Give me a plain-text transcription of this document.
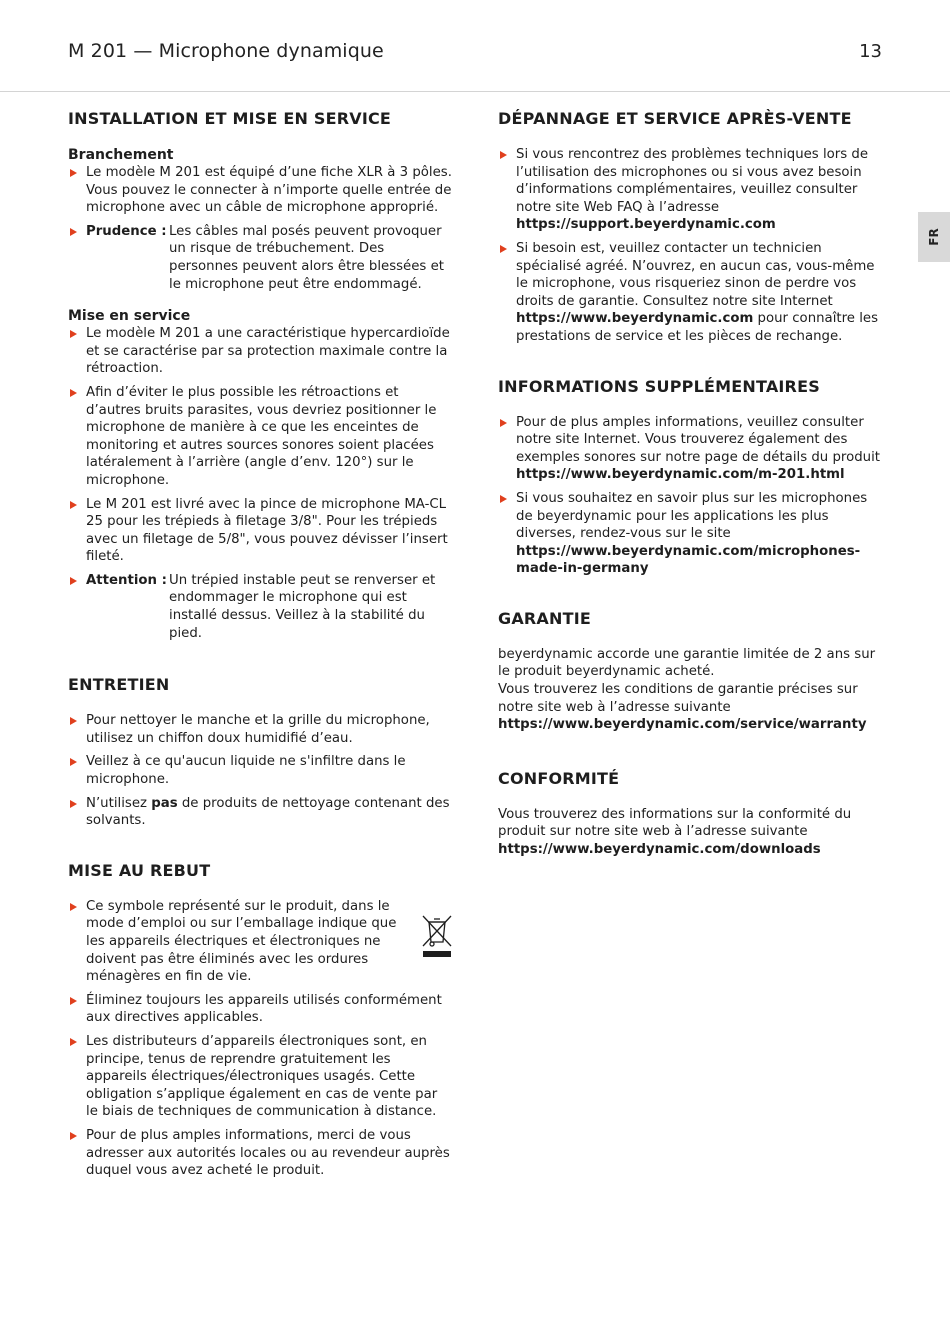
M 201 — Microphone dynamique	13
FR
INSTALLATION ET MISE EN SERVICE
Branchement
Le modèle M 201 est équipé d’une fiche XLR à 3 pôles. Vous pouvez le connecter à n’importe quelle entrée de microphone avec un câble de microphone approprié.
Prudence : Les câbles mal posés peuvent provoquer un risque de trébuchement. Des personnes peuvent alors être blessées et le microphone peut être endommagé.
Mise en service
Le modèle M 201 a une caractéristique hypercardioïde et se caractérise par sa protection maximale contre la rétroaction.
Afin d’éviter le plus possible les rétroactions et d’autres bruits parasites, vous devriez positionner le microphone de manière à ce que les enceintes de monitoring et autres sources sonores soient placées latéralement à l’arrière (angle d’env. 120°) sur le microphone.
Le M 201 est livré avec la pince de microphone MA-CL 25 pour les trépieds à filetage 3/8". Pour les trépieds avec un filetage de 5/8", vous pouvez dévisser l’insert fileté.
Attention : Un trépied instable peut se renverser et endommager le microphone qui est installé dessus. Veillez à la stabilité du pied.
ENTRETIEN
Pour nettoyer le manche et la grille du microphone, utilisez un chiffon doux humidifié d’eau.
Veillez à ce qu'aucun liquide ne s'infiltre dans le microphone.
N’utilisez pas de produits de nettoyage contenant des solvants.
MISE AU REBUT
Ce symbole représenté sur le produit, dans le mode d’emploi ou sur l’emballage indique que les appareils électriques et électroniques ne doivent pas être éliminés avec les ordures ménagères en fin de vie.
Éliminez toujours les appareils utilisés conformément aux directives applicables.
Les distributeurs d’appareils électroniques sont, en principe, tenus de reprendre gratuitement les appareils électriques/électroniques usagés. Cette obligation s’applique également en cas de vente par le biais de techniques de communication à distance.
Pour de plus amples informations, merci de vous adresser aux autorités locales ou au revendeur auprès duquel vous avez acheté le produit.
DÉPANNAGE ET SERVICE APRÈS-VENTE
Si vous rencontrez des problèmes techniques lors de l’utilisation des microphones ou si vous avez besoin d’informations complémentaires, veuillez consulter notre site Web FAQ à l’adresse https://support.beyerdynamic.com
Si besoin est, veuillez contacter un technicien spécialisé agréé. N’ouvrez, en aucun cas, vous-même le microphone, vous risqueriez sinon de perdre vos droits de garantie. Consultez notre site Internet https://www.beyerdynamic.com pour connaître les prestations de service et les pièces de rechange.
INFORMATIONS SUPPLÉMENTAIRES
Pour de plus amples informations, veuillez consulter notre site Internet. Vous trouverez également des exemples sonores sur notre page de détails du produit https://www.beyerdynamic.com/m-201.html
Si vous souhaitez en savoir plus sur les microphones de beyerdynamic pour les applications les plus diverses, rendez-vous sur le site https://www.beyerdynamic.com/microphones-made-in-germany
GARANTIE

beyerdynamic accorde une garantie limitée de 2 ans sur le produit beyerdynamic acheté.

Vous trouverez les conditions de garantie précises sur notre site web à l’adresse suivante https://www.beyerdynamic.com/service/warranty

CONFORMITÉ

Vous trouverez des informations sur la conformité du produit sur notre site web à l’adresse suivante https://www.beyerdynamic.com/downloads
